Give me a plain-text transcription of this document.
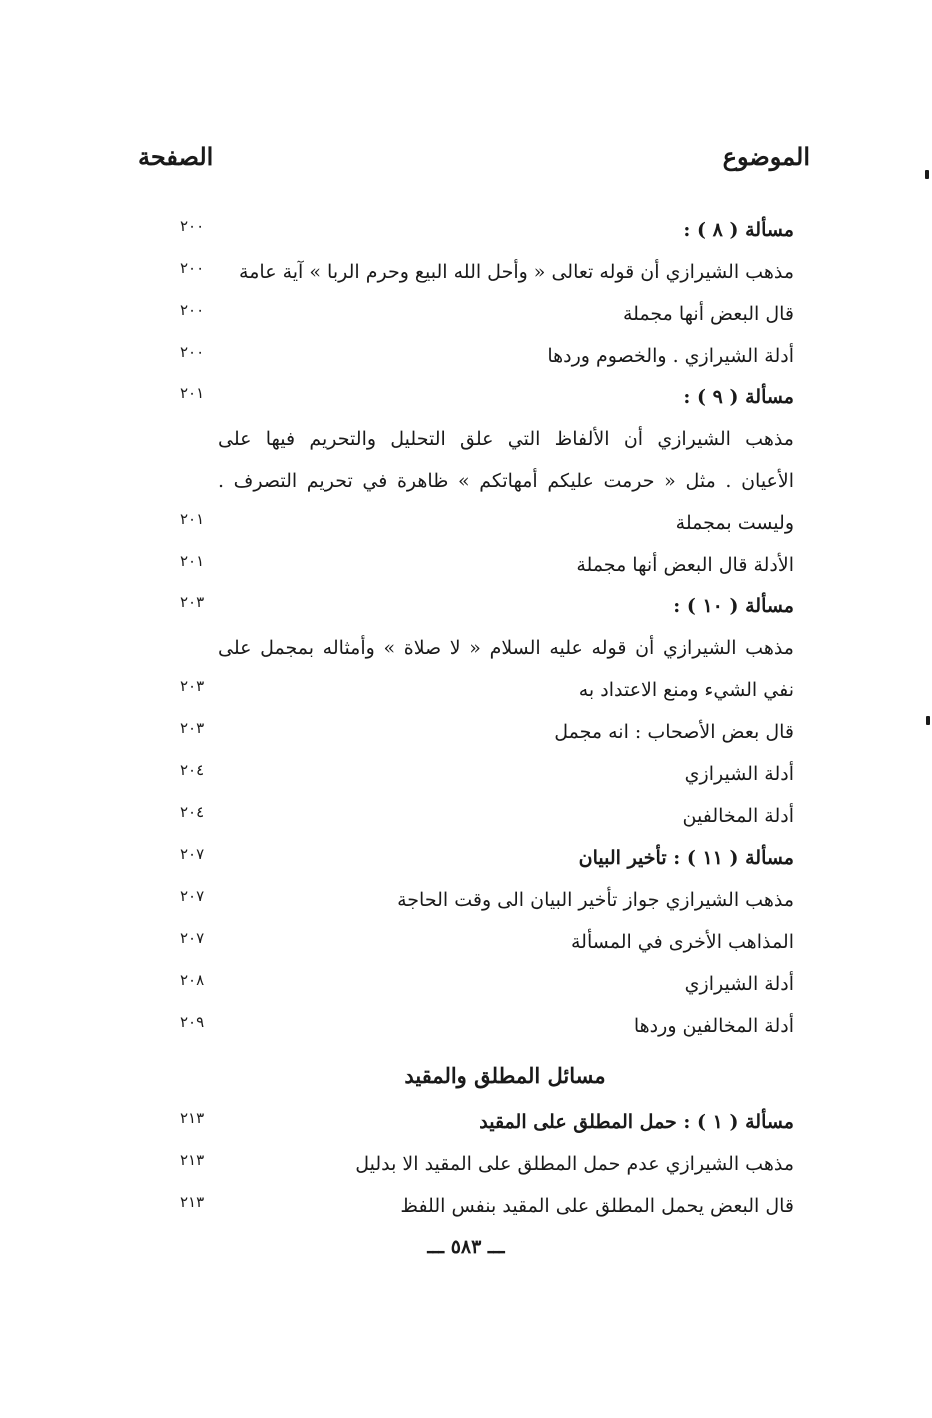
الموضوع
الصفحة
مسألة ( ٨ ) :
٢٠٠
مذهب الشيرازي أن قوله تعالى « وأحل الله البيع وحرم الربا » آية عامة
٢٠٠
قال البعض أنها مجملة
٢٠٠
أدلة الشيرازي . والخصوم وردها
٢٠٠
مسألة ( ٩ ) :
٢٠١
مذهب الشيرازي أن الألفاظ التي علق التحليل والتحريم فيها على
الأعيان . مثل « حرمت عليكم أمهاتكم » ظاهرة في تحريم التصرف .
وليست بمجملة
٢٠١
الأدلة قال البعض أنها مجملة
٢٠١
مسألة ( ١٠ ) :
٢٠٣
مذهب الشيرازي أن قوله عليه السلام « لا صلاة » وأمثاله بمجمل على
نفي الشيء ومنع الاعتداد به
٢٠٣
قال بعض الأصحاب : انه مجمل
٢٠٣
أدلة الشيرازي
٢٠٤
أدلة المخالفين
٢٠٤
مسألة ( ١١ ) : تأخير البيان
٢٠٧
مذهب الشيرازي جواز تأخير البيان الى وقت الحاجة
٢٠٧
المذاهب الأخرى في المسألة
٢٠٧
أدلة الشيرازي
٢٠٨
أدلة المخالفين وردها
٢٠٩
مسائل المطلق والمقيد
مسألة ( ١ ) : حمل المطلق على المقيد
٢١٣
مذهب الشيرازي عدم حمل المطلق على المقيد الا بدليل
٢١٣
قال البعض يحمل المطلق على المقيد بنفس اللفظ
٢١٣
ـــ ٥٨٣ ـــ
